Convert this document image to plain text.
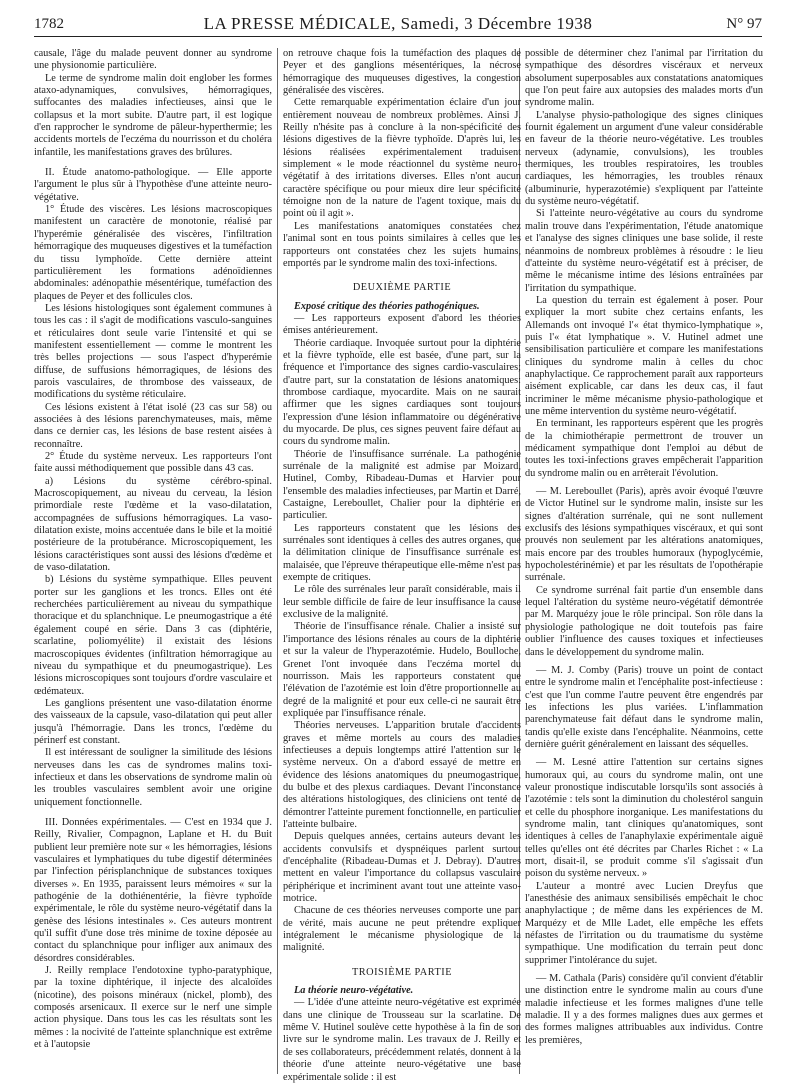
1782	LA PRESSE MÉDICALE, Samedi, 3 Décembre 1938	N° 97

causale, l'âge du malade peuvent donner au syndrome une physionomie particulière.

Le terme de syndrome malin doit englober les formes ataxo-adynamiques, convulsives, hémorragiques, suffocantes des maladies infectieuses, ainsi que le collapsus et la mort subite. D'autre part, il est logique d'en rapprocher le syndrome de pâleur-hyperthermie; les accidents mortels de l'eczéma du nourrisson et du choléra infantile, les manifestations graves des brûlures.

II. Étude anatomo-pathologique. — Elle apporte l'argument le plus sûr à l'hypothèse d'une atteinte neuro-végétative.

1° Étude des viscères. Les lésions macroscopiques manifestent un caractère de monotonie, réalisé par l'hyperémie généralisée des viscères, l'infiltration hémorragique des muqueuses digestives et la tuméfaction du tissu lymphoïde. Cette dernière atteint particulièrement les formations adénoïdiennes abdominales: adénopathie mésentérique, tuméfaction des plaques de Peyer et des follicules clos.

Les lésions histologiques sont également communes à tous les cas : il s'agit de modifications vasculo-sanguines et réticulaires dont seule varie l'intensité et qui se manifestent essentiellement — comme le montrent les très belles projections — sous l'aspect d'hyperémie diffuse, de suffusions hémorragiques, de lésions des parois vasculaires, de thrombose des vaisseaux, de modifications du système réticulaire.

Ces lésions existent à l'état isolé (23 cas sur 58) ou associées à des lésions parenchymateuses, mais, même dans ce dernier cas, les lésions de base restent aisées à reconnaître.

2° Étude du système nerveux. Les rapporteurs l'ont faite aussi méthodiquement que possible dans 43 cas.

a) Lésions du système cérébro-spinal. Macroscopiquement, au niveau du cerveau, la lésion primordiale reste l'œdème et la vaso-dilatation, accompagnées de suffusions hémorragiques. La vaso-dilatation existe, moins accentuée dans le bile et la moitié postérieure de la protubérance. Microscopiquement, les lésions caractéristiques sont aussi des lésions d'œdème et de vaso-dilatation.

b) Lésions du système sympathique. Elles peuvent porter sur les ganglions et les troncs. Elles ont été recherchées particulièrement au niveau du sympathique thoracique et du splanchnique. Le pneumogastrique a été également coupé en série. Dans 3 cas (diphtérie, scarlatine, poliomyélite) il existait des lésions macroscopiques évidentes (infiltration hémorragique au niveau du sympathique et du pneumogastrique). Les lésions microscopiques sont toujours d'ordre vasculaire et œdémateux.

Les ganglions présentent une vaso-dilatation énorme des vaisseaux de la capsule, vaso-dilatation qui peut aller jusqu'à l'hémorragie. Dans les troncs, l'œdème du périnerf est constant.

Il est intéressant de souligner la similitude des lésions nerveuses dans les cas de syndromes malins toxi-infectieux et dans les observations de syndrome malin où les troubles vasculaires semblent avoir une origine uniquement fonctionnelle.

III. Données expérimentales. — C'est en 1934 que J. Reilly, Rivalier, Compagnon, Laplane et H. du Buit publient leur première note sur « les hémorragies, lésions vasculaires et lymphatiques du tube digestif déterminées par l'infection périsplanchnique de substances toxiques diverses ». En 1935, paraissent leurs mémoires « sur la pathogénie de la dothiénentérie, la fièvre typhoïde expérimentale, le rôle du système neuro-végétatif dans la genèse des lésions intestinales ». Ces auteurs montrent qu'il suffit d'une dose très minime de toxine déposée au contact du splanchnique pour infliger aux animaux des désordres considérables.

J. Reilly remplace l'endotoxine typho-paratyphique, par la toxine diphtérique, il injecte des alcaloïdes (nicotine), des poisons minéraux (nickel, plomb), des composés arsenicaux. Il exerce sur le nerf une simple action physique. Dans tous les cas les résultats sont les mêmes : la nocivité de l'atteinte splanchnique est extrême et à l'autopsie

on retrouve chaque fois la tuméfaction des plaques de Peyer et des ganglions mésentériques, la nécrose hémorragique des muqueuses digestives, la congestion généralisée des viscères.

Cette remarquable expérimentation éclaire d'un jour entièrement nouveau de nombreux problèmes. Ainsi J. Reilly n'hésite pas à conclure à la non-spécificité des lésions digestives de la fièvre typhoïde. D'après lui, les lésions réalisées expérimentalement traduisent simplement « le mode réactionnel du système neuro-végétatif à des irritations diverses. Elles n'ont aucun caractère spécifique ou pour mieux dire leur spécificité témoigne non de la nature de l'agent toxique, mais du point où il agit ».

Les manifestations anatomiques constatées chez l'animal sont en tous points similaires à celles que les rapporteurs ont constatées chez les sujets humains, emportés par le syndrome malin des toxi-infections.

DEUXIÈME PARTIE

Exposé critique des théories pathogéniques.

— Les rapporteurs exposent d'abord les théories émises antérieurement.

Théorie cardiaque. Invoquée surtout pour la diphtérie et la fièvre typhoïde, elle est basée, d'une part, sur la fréquence et l'importance des signes cardio-vasculaires; d'autre part, sur la constatation de lésions anatomiques: thrombose cardiaque, myocardite. Mais on ne saurait affirmer que les signes cardiaques sont toujours l'expression d'une lésion inflammatoire ou dégénérative du myocarde. De plus, ces signes peuvent faire défaut au cours du syndrome malin.

Théorie de l'insuffisance surrénale. La pathogénie surrénale de la malignité est admise par Moizard, Hutinel, Comby, Ribadeau-Dumas et Harvier pour l'ensemble des maladies infectieuses, par Martin et Darré, Castaigne, Lereboullet, Chalier pour la diphtérie en particulier.

Les rapporteurs constatent que les lésions des surrénales sont identiques à celles des autres organes, que la délimitation clinique de l'insuffisance surrénale est malaisée, que l'épreuve thérapeutique elle-même n'est pas exempte de critiques.

Le rôle des surrénales leur paraît considérable, mais il leur semble difficile de faire de leur insuffisance la cause exclusive de la malignité.

Théorie de l'insuffisance rénale. Chalier a insisté sur l'importance des lésions rénales au cours de la diphtérie et sur la valeur de l'hyperazotémie. Hudelo, Boulloche, Grenet l'ont invoquée dans l'eczéma mortel du nourrisson. Mais les rapporteurs constatent que l'élévation de l'azotémie est loin d'être proportionnelle au degré de la malignité et pour eux celle-ci ne saurait être expliquée par l'insuffisance rénale.

Théories nerveuses. L'apparition brutale d'accidents graves et même mortels au cours des maladies infectieuses a depuis longtemps attiré l'attention sur le système nerveux. On a d'abord essayé de mettre en évidence des lésions anatomiques du pneumogastrique, du bulbe et des plexus cardiaques. Devant l'inconstance des altérations histologiques, des cliniciens ont tenté de démontrer l'atteinte purement fonctionnelle, en particulier l'atteinte bulbaire.

Depuis quelques années, certains auteurs devant les accidents convulsifs et dyspnéiques parlent surtout d'encéphalite (Ribadeau-Dumas et J. Debray). D'autres mettent en valeur l'importance du collapsus vasculaire périphérique et incriminent avant tout une atteinte vaso-motrice.

Chacune de ces théories nerveuses comporte une part de vérité, mais aucune ne peut prétendre expliquer intégralement le mécanisme physiologique de la malignité.

TROISIÈME PARTIE

La théorie neuro-végétative.

— L'idée d'une atteinte neuro-végétative est exprimée dans une clinique de Trousseau sur la scarlatine. De même V. Hutinel soulève cette hypothèse à la fin de son livre sur le syndrome malin. Les travaux de J. Reilly et de ses collaborateurs, précédemment relatés, donnent à la théorie d'une atteinte neuro-végétative une base expérimentale solide : il est

possible de déterminer chez l'animal par l'irritation du sympathique des désordres viscéraux et nerveux absolument superposables aux constatations anatomiques que l'on peut faire aux autopsies des malades morts d'un syndrome malin.

L'analyse physio-pathologique des signes cliniques fournit également un argument d'une valeur considérable en faveur de la théorie neuro-végétative. Les troubles nerveux (adynamie, convulsions), les troubles thermiques, les troubles respiratoires, les troubles cardiaques, les hémorragies, les troubles rénaux (albuminurie, hyperazotémie) s'expliquent par l'atteinte du système neuro-végétatif.

Si l'atteinte neuro-végétative au cours du syndrome malin trouve dans l'expérimentation, l'étude anatomique et l'analyse des signes cliniques une base solide, il reste néanmoins de nombreux problèmes à résoudre : le lieu d'atteinte du système neuro-végétatif est à préciser, de même le mécanisme intime des lésions entraînées par l'irritation du sympathique.

La question du terrain est également à poser. Pour expliquer la mort subite chez certains enfants, les Allemands ont invoqué l'« état thymico-lymphatique », puis l'« état lymphatique ». V. Hutinel admet une sensibilisation particulière et compare les manifestations cliniques du syndrome malin à celles du choc anaphylactique. Ce rapprochement paraît aux rapporteurs aisément explicable, car dans les deux cas, il faut incriminer le même mécanisme physio-pathologique et une même intervention du système neuro-végétatif.

En terminant, les rapporteurs espèrent que les progrès de la chimiothérapie permettront de trouver un médicament sympathique dont l'emploi au début de toutes les toxi-infections graves empêcherait l'apparition du syndrome malin ou en arrêterait l'évolution.

— M. Lereboullet (Paris), après avoir évoqué l'œuvre de Victor Hutinel sur le syndrome malin, insiste sur les signes d'altération surrénale, qui ne sont nullement exclusifs des lésions sympathiques viscéraux, et qui sont prouvés non seulement par les altérations anatomiques, mais encore par des troubles humoraux (hypoglycémie, hypocholestérinémie) et par les résultats de l'opothérapie surrénale.

Ce syndrome surrénal fait partie d'un ensemble dans lequel l'altération du système neuro-végétatif démontrée par M. Marquézy joue le rôle principal. Son rôle dans la physiologie pathologique ne doit toutefois pas faire oublier l'influence des causes toxiques et infectieuses dans le développement du syndrome malin.

— M. J. Comby (Paris) trouve un point de contact entre le syndrome malin et l'encéphalite post-infectieuse : c'est que l'un comme l'autre peuvent être engendrés par les infections les plus variées. L'inflammation parenchymateuse fait défaut dans le syndrome malin, tandis qu'elle existe dans l'encéphalite. Néanmoins, cette dernière guérit généralement en laissant des séquelles.

— M. Lesné attire l'attention sur certains signes humoraux qui, au cours du syndrome malin, ont une valeur pronostique indiscutable lorsqu'ils sont associés à l'azotémie : tels sont la diminution du cholestérol sanguin et celle du phosphore inorganique. Les manifestations du syndrome malin, tant cliniques qu'anatomiques, sont identiques à celles de l'anaphylaxie expérimentale aiguë telles qu'elles ont été décrites par Charles Richet : « La mort, disait-il, se produit comme s'il s'agissait d'un poison du système nerveux. »

L'auteur a montré avec Lucien Dreyfus que l'anesthésie des animaux sensibilisés empêchait le choc anaphylactique ; de même dans les expériences de M. Marquézy et de Mlle Ladet, elle empêche les effets néfastes de l'irritation ou du traumatisme du système sympathique. Une modification du terrain peut donc supprimer l'intolérance du sujet.

— M. Cathala (Paris) considère qu'il convient d'établir une distinction entre le syndrome malin au cours d'une maladie infectieuse et les formes malignes d'une telle maladie. Il y a des formes malignes dues aux germes et des formes malignes attribuables aux individus. Contre les premières,
